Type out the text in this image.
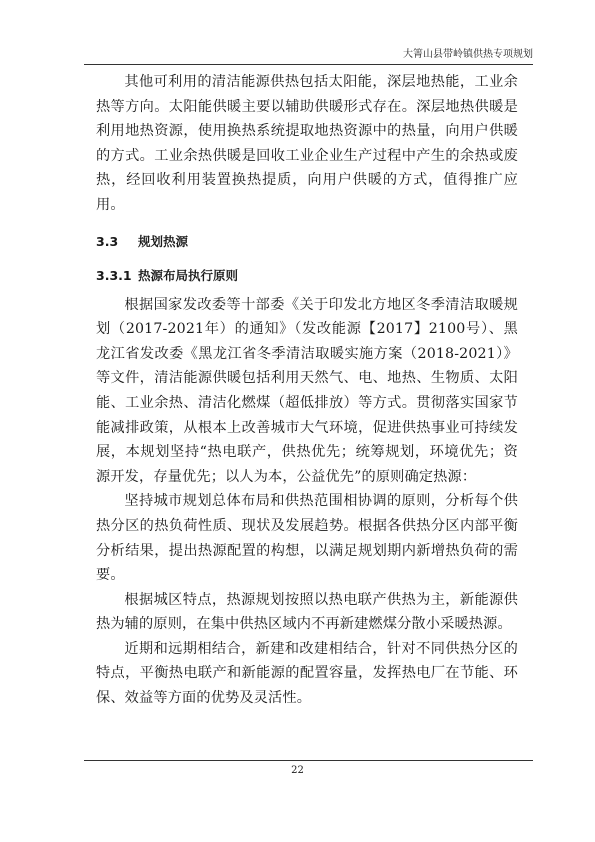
大箐山县带岭镇供热专项规划

其他可利用的清洁能源供热包括太阳能，深层地热能，工业余热等方向。太阳能供暖主要以辅助供暖形式存在。深层地热供暖是利用地热资源，使用换热系统提取地热资源中的热量，向用户供暖的方式。工业余热供暖是回收工业企业生产过程中产生的余热或废热，经回收利用装置换热提质，向用户供暖的方式，值得推广应用。

3.3 规划热源
3.3.1 热源布局执行原则

根据国家发改委等十部委《关于印发北方地区冬季清洁取暖规划（2017-2021年）的通知》（发改能源【2017】2100号）、黑龙江省发改委《黑龙江省冬季清洁取暖实施方案（2018-2021）》等文件，清洁能源供暖包括利用天然气、电、地热、生物质、太阳能、工业余热、清洁化燃煤（超低排放）等方式。贯彻落实国家节能减排政策，从根本上改善城市大气环境，促进供热事业可持续发展，本规划坚持“热电联产，供热优先；统筹规划，环境优先；资源开发，存量优先；以人为本，公益优先”的原则确定热源：

坚持城市规划总体布局和供热范围相协调的原则，分析每个供热分区的热负荷性质、现状及发展趋势。根据各供热分区内部平衡分析结果，提出热源配置的构想，以满足规划期内新增热负荷的需要。

根据城区特点，热源规划按照以热电联产供热为主，新能源供热为辅的原则，在集中供热区域内不再新建燃煤分散小采暖热源。

近期和远期相结合，新建和改建相结合，针对不同供热分区的特点，平衡热电联产和新能源的配置容量，发挥热电厂在节能、环保、效益等方面的优势及灵活性。

22
